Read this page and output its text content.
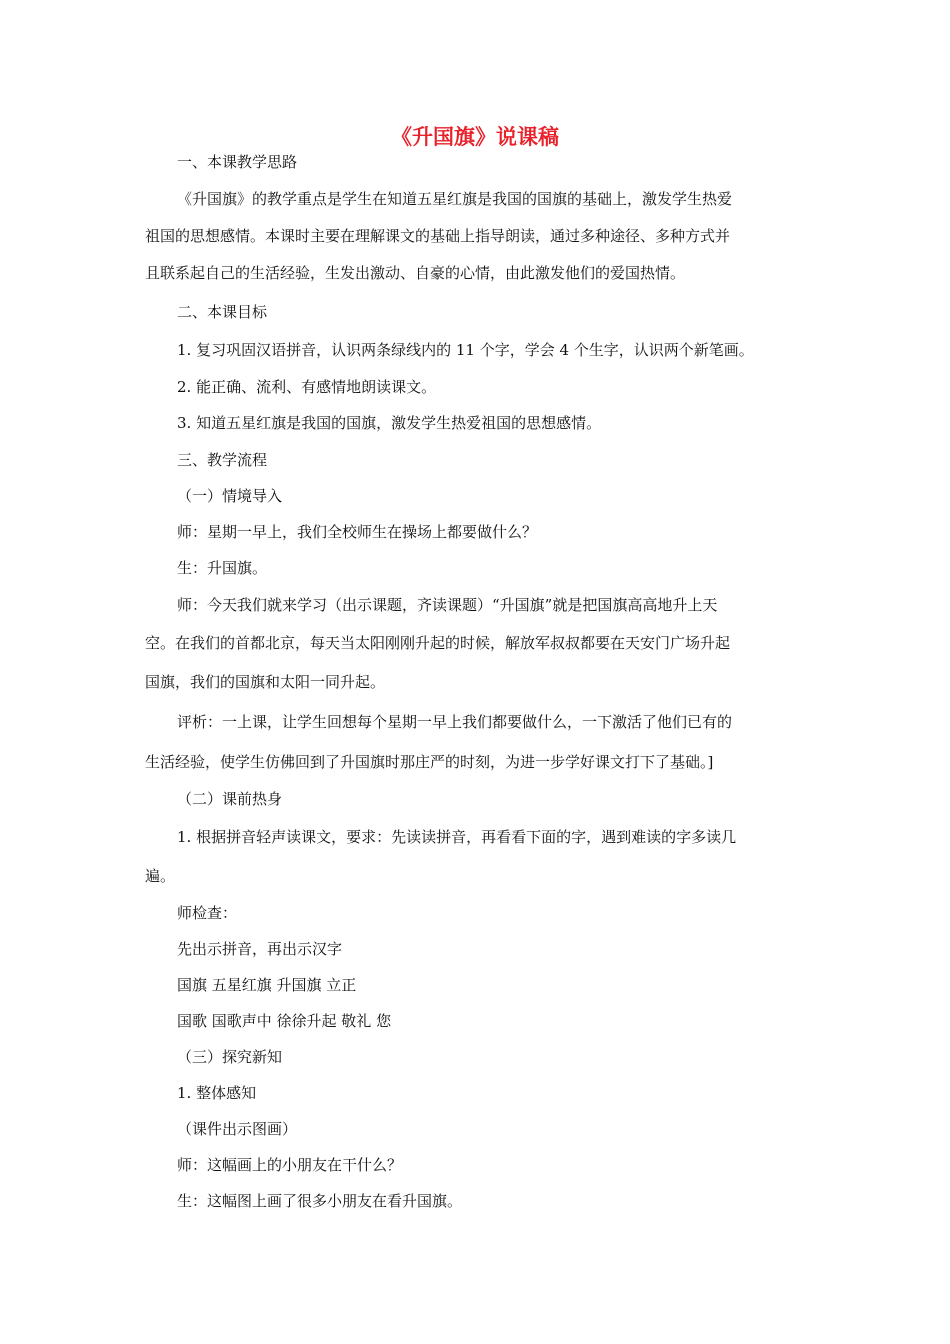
《升国旗》说课稿

一、本课教学思路

《升国旗》的教学重点是学生在知道五星红旗是我国的国旗的基础上，激发学生热爱

祖国的思想感情。本课时主要在理解课文的基础上指导朗读，通过多种途径、多种方式并

且联系起自己的生活经验，生发出激动、自豪的心情，由此激发他们的爱国热情。

二、本课目标

1. 复习巩固汉语拼音，认识两条绿线内的 11 个字，学会 4 个生字，认识两个新笔画。

2. 能正确、流利、有感情地朗读课文。

3. 知道五星红旗是我国的国旗，激发学生热爱祖国的思想感情。

三、教学流程

（一）情境导入

师：星期一早上，我们全校师生在操场上都要做什么？

生：升国旗。

师：今天我们就来学习（出示课题，齐读课题）“升国旗”就是把国旗高高地升上天

空。在我们的首都北京，每天当太阳刚刚升起的时候，解放军叔叔都要在天安门广场升起

国旗，我们的国旗和太阳一同升起。

评析：一上课，让学生回想每个星期一早上我们都要做什么，一下激活了他们已有的

生活经验，使学生仿佛回到了升国旗时那庄严的时刻，为进一步学好课文打下了基础。]

（二）课前热身

1. 根据拼音轻声读课文，要求：先读读拼音，再看看下面的字，遇到难读的字多读几

遍。

师检查：

先出示拼音，再出示汉字

国旗 五星红旗 升国旗 立正

国歌 国歌声中 徐徐升起 敬礼 您

（三）探究新知

1. 整体感知

（课件出示图画）

师：这幅画上的小朋友在干什么？

生：这幅图上画了很多小朋友在看升国旗。
